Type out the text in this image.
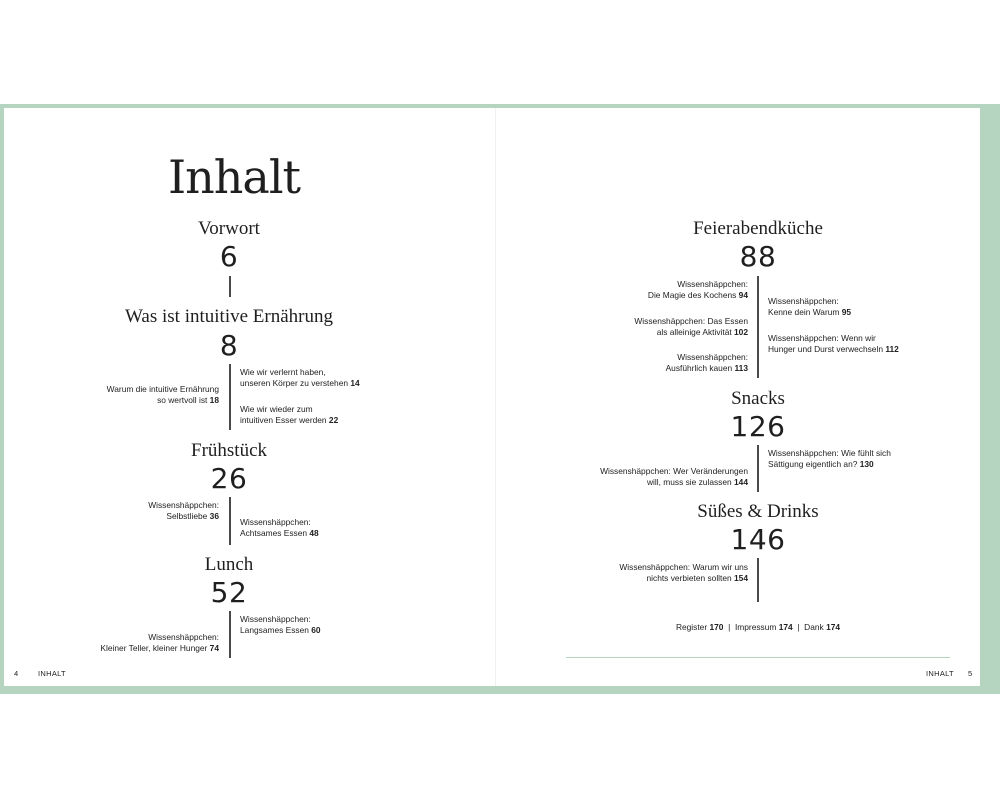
Inhalt
Vorwort
6
Was ist intuitive Ernährung
8
Wie wir verlernt haben,
unseren Körper zu verstehen 14
Warum die intuitive Ernährung
so wertvoll ist 18
Wie wir wieder zum
intuitiven Esser werden 22
Frühstück
26
Wissenshäppchen:
Selbstliebe 36
Wissenshäppchen:
Achtsames Essen 48
Lunch
52
Wissenshäppchen:
Langsames Essen 60
Wissenshäppchen:
Kleiner Teller, kleiner Hunger 74
Feierabendküche
88
Wissenshäppchen:
Die Magie des Kochens 94
Wissenshäppchen:
Kenne dein Warum 95
Wissenshäppchen: Das Essen
als alleinige Aktivität 102
Wissenshäppchen: Wenn wir
Hunger und Durst verwechseln 112
Wissenshäppchen:
Ausführlich kauen 113
Snacks
126
Wissenshäppchen: Wie fühlt sich
Sättigung eigentlich an? 130
Wissenshäppchen: Wer Veränderungen
will, muss sie zulassen 144
Süßes & Drinks
146
Wissenshäppchen: Warum wir uns
nichts verbieten sollten 154
Register 170 | Impressum 174 | Dank 174
4	INHALT	INHALT 5
